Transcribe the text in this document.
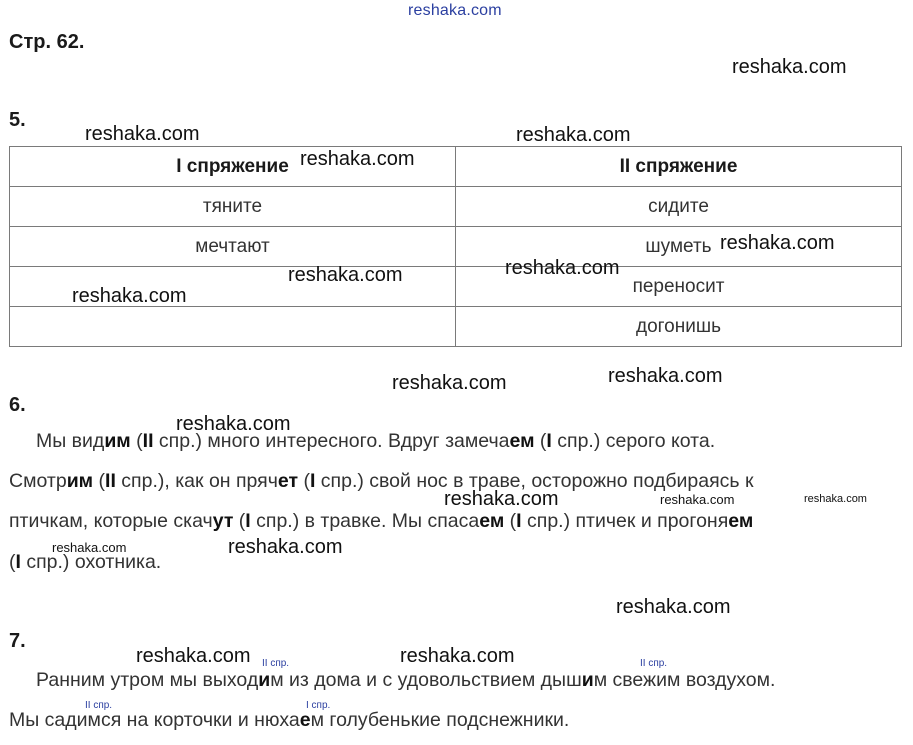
reshaka.com
Стр. 62.
reshaka.com
5.
reshaka.com	reshaka.com
I спряжение	II спряжение
тяните	сидите
мечтают	шуметь
	переносит
	догонишь
reshaka.com
reshaka.com
reshaka.com
reshaka.com
reshaka.com
reshaka.com	reshaka.com
6.
reshaka.com
Мы видим (II спр.) много интересного. Вдруг замечаем (I спр.) серого кота.
Смотрим (II спр.), как он прячет (I спр.) свой нос в траве, осторожно подбираясь к
птичкам, которые скачут (I спр.) в травке. Мы спасаем (I спр.) птичек и прогоняем
(I спр.) охотника.
reshaka.com	reshaka.com	reshaka.com
reshaka.com	reshaka.com
reshaka.com
7.
reshaka.com	reshaka.com
II спр.	II спр.
II спр.	I спр.
Ранним утром мы выходим из дома и с удовольствием дышим свежим воздухом.
Мы садимся на корточки и нюхаем голубенькие подснежники.
